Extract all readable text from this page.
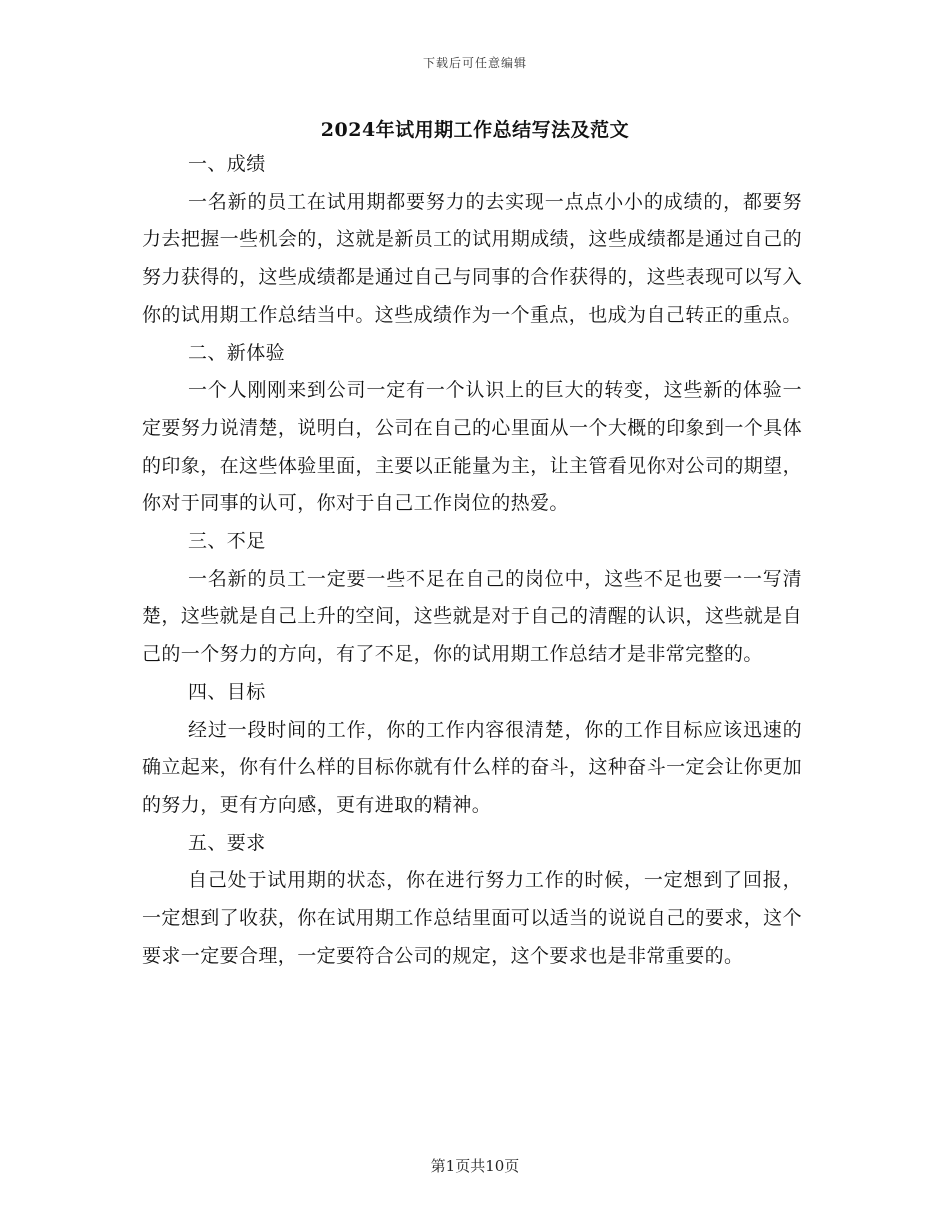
下载后可任意编辑
2024年试用期工作总结写法及范文

一、成绩

一名新的员工在试用期都要努力的去实现一点点小小的成绩的，都要努力去把握一些机会的，这就是新员工的试用期成绩，这些成绩都是通过自己的努力获得的，这些成绩都是通过自己与同事的合作获得的，这些表现可以写入你的试用期工作总结当中。这些成绩作为一个重点，也成为自己转正的重点。

二、新体验

一个人刚刚来到公司一定有一个认识上的巨大的转变，这些新的体验一定要努力说清楚，说明白，公司在自己的心里面从一个大概的印象到一个具体的印象，在这些体验里面，主要以正能量为主，让主管看见你对公司的期望，你对于同事的认可，你对于自己工作岗位的热爱。

三、不足

一名新的员工一定要一些不足在自己的岗位中，这些不足也要一一写清楚，这些就是自己上升的空间，这些就是对于自己的清醒的认识，这些就是自己的一个努力的方向，有了不足，你的试用期工作总结才是非常完整的。

四、目标

经过一段时间的工作，你的工作内容很清楚，你的工作目标应该迅速的确立起来，你有什么样的目标你就有什么样的奋斗，这种奋斗一定会让你更加的努力，更有方向感，更有进取的精神。

五、要求

自己处于试用期的状态，你在进行努力工作的时候，一定想到了回报，一定想到了收获，你在试用期工作总结里面可以适当的说说自己的要求，这个要求一定要合理，一定要符合公司的规定，这个要求也是非常重要的。

第1页共10页
